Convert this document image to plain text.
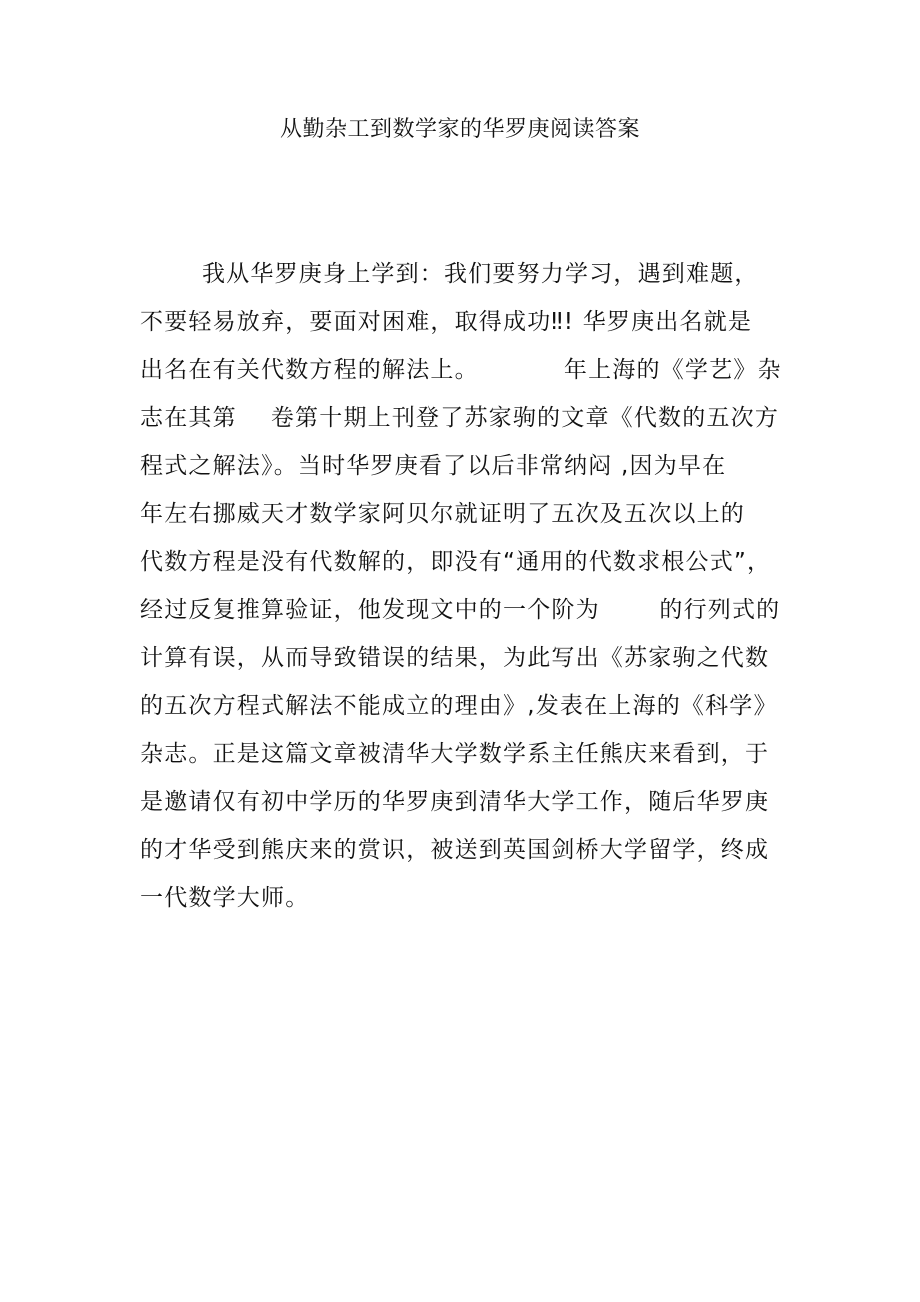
从勤杂工到数学家的华罗庚阅读答案
我从华罗庚身上学到：我们要努力学习，遇到难题，
不要轻易放弃，要面对困难，取得成功‼! 华罗庚出名就是
出名在有关代数方程的解法上。          年上海的《学艺》杂
志在其第    卷第十期上刊登了苏家驹的文章《代数的五次方
程式之解法》。当时华罗庚看了以后非常纳闷 ,因为早在
年左右挪威天才数学家阿贝尔就证明了五次及五次以上的
代数方程是没有代数解的，即没有“通用的代数求根公式”，
经过反复推算验证，他发现文中的一个阶为       的行列式的
计算有误，从而导致错误的结果，为此写出《苏家驹之代数
的五次方程式解法不能成立的理由》,发表在上海的《科学》
杂志。正是这篇文章被清华大学数学系主任熊庆来看到，于
是邀请仅有初中学历的华罗庚到清华大学工作，随后华罗庚
的才华受到熊庆来的赏识，被送到英国剑桥大学留学，终成
一代数学大师。
